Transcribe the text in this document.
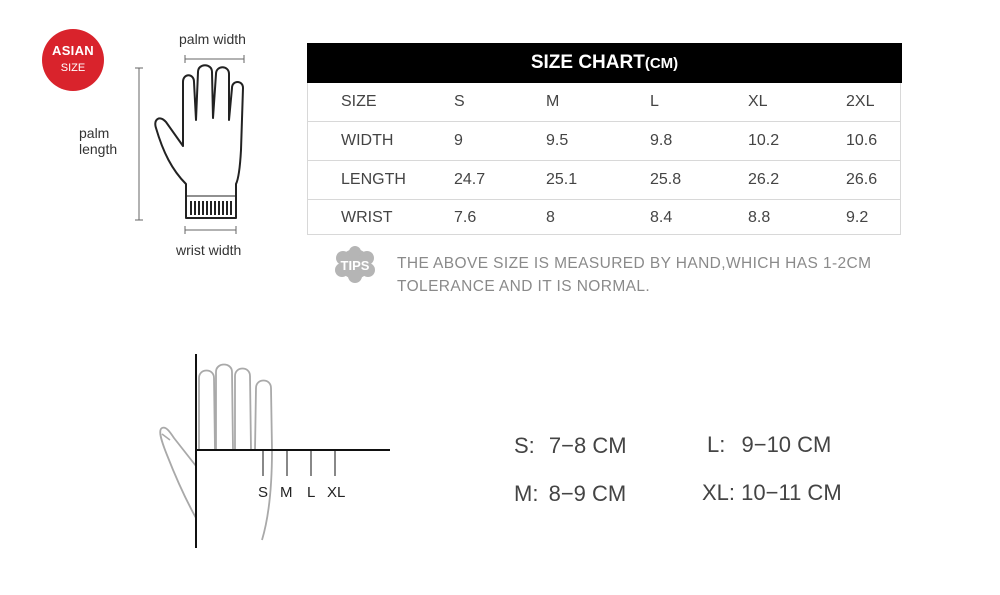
ASIAN
SIZE
palm width
palm
length
wrist width
SIZE CHART(CM)
SIZE	S	M	L	XL	2XL
WIDTH	9	9.5	9.8	10.2	10.6
LENGTH	24.7	25.1	25.8	26.2	26.6
WRIST	7.6	8	8.4	8.8	9.2
TIPS	THE ABOVE SIZE IS MEASURED BY HAND,WHICH HAS 1-2CM
TOLERANCE AND IT IS NORMAL.
S M L XL
S: 7−8 CM
M: 8−9 CM
L: 9−10 CM
XL: 10−11 CM
